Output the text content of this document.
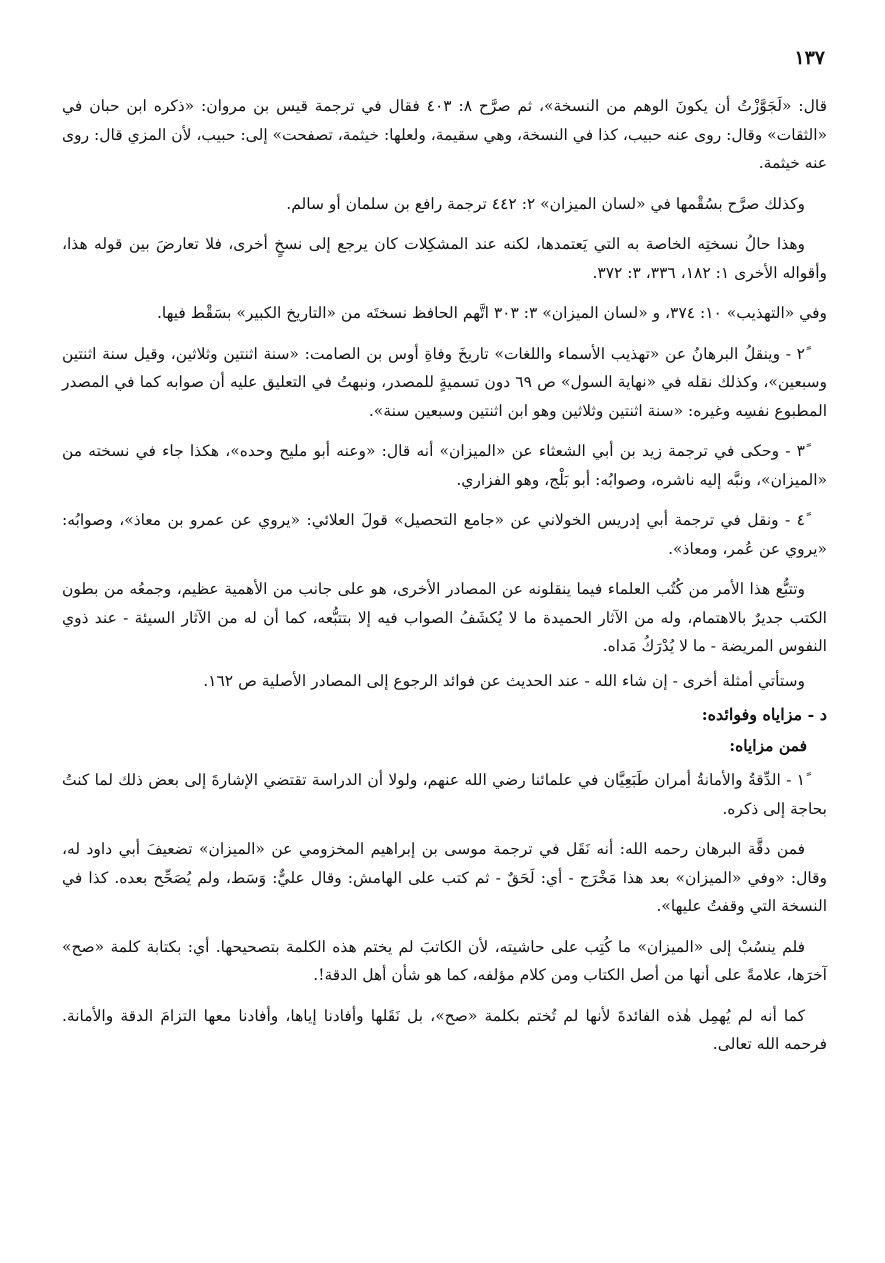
١٣٧

قال: «لَجَوَّزْتُ أن يكونَ الوهم من النسخة»، ثم صرَّح ٨: ٤٠٣ فقال في ترجمة قيس بن مروان: «ذكره ابن حبان في «الثقات» وقال: روى عنه حبيب، كذا في النسخة، وهي سقيمة، ولعلها: خيثمة، تصفحت» إلى: حبيب، لأن المزي قال: روى عنه خيثمة.

وكذلك صرَّح بسُقْمها في «لسان الميزان» ٢: ٤٤٢ ترجمة رافع بن سلمان أو سالم.

وهذا حالُ نسختِه الخاصة به التي يَعتمدها، لكنه عند المشكِلات كان يرجع إلى نسخٍ أخرى، فلا تعارضَ بين قوله هذا، وأقواله الأخرى ١: ١٨٢، ٣٣٦، ٣: ٣٧٢.

وفي «التهذيب» ١٠: ٣٧٤، و «لسان الميزان» ٣: ٣٠٣ اتَّهم الحافظ نسختَه من «التاريخ الكبير» بسَقْط فيها.

٢ً - وينقلُ البرهانُ عن «تهذيب الأسماء واللغات» تاريخَ وفاةِ أوس بن الصامت: «سنة اثنتين وثلاثين، وقيل سنة اثنتين وسبعين»، وكذلك نقله في «نهاية السول» ص ٦٩ دون تسميةٍ للمصدر، ونبهتُ في التعليق عليه أن صوابه كما في المصدر المطبوع نفسِه وغيره: «سنة اثنتين وثلاثين وهو ابن اثنتين وسبعين سنة».

٣ً - وحكى في ترجمة زيد بن أبي الشعثاء عن «الميزان» أنه قال: «وعنه أبو مليح وحده»، هكذا جاء في نسخته من «الميزان»، ونبَّه إليه ناشره، وصوابُه: أبو بَلْج، وهو الفزاري.

٤ً - ونقل في ترجمة أبي إدريس الخولاني عن «جامع التحصيل» قولَ العلائي: «يروي عن عمرو بن معاذ»، وصوابُه: «يروي عن عُمر، ومعاذ».

وتتبُّع هذا الأمر من كُتُب العلماء فيما ينقلونه عن المصادر الأخرى، هو على جانب من الأهمية عظيم، وجمعُه من بطون الكتب جديرٌ بالاهتمام، وله من الآثار الحميدة ما لا يُكشَفُ الصواب فيه إلا بتتبُّعه، كما أن له من الآثار السيئة - عند ذوي النفوس المريضة - ما لا يُدْرَكُ مَداه.

وستأتي أمثلة أخرى - إن شاء الله - عند الحديث عن فوائد الرجوع إلى المصادر الأصلية ص ١٦٢.

د - مزاياه وفوائده:
فمن مزاياه:

١ً - الدِّقةُ والأمانةُ أمران طَبَعِيَّان في علمائنا رضي الله عنهم، ولولا أن الدراسة تقتضي الإشارةَ إلى بعض ذلك لما كنتُ بحاجة إلى ذكره.

فمن دقَّة البرهان رحمه الله: أنه نَقَل في ترجمة موسى بن إبراهيم المخزومي عن «الميزان» تضعيفَ أبي داود له، وقال: «وفي «الميزان» بعد هذا مَخْرَج - أي: لَحَقٌ - ثم كتب على الهامش: وقال عليٌّ: وَسَط، ولم يُصَحِّح بعده. كذا في النسخة التي وقفتُ عليها».

فلم ينسُبْ إلى «الميزان» ما كُتِب على حاشيته، لأن الكاتبَ لم يختم هذه الكلمة بتصحيحها. أي: بكتابة كلمة «صح» آخرَها، علامةً على أنها من أصل الكتاب ومن كلام مؤلفه، كما هو شأن أهل الدقة!.

كما أنه لم يُهمِل هٰذه الفائدةَ لأنها لم تُختم بكلمة «صح»، بل نَقَلها وأفادنا إياها، وأفادنا معها التزامَ الدقة والأمانة. فرحمه الله تعالى.
